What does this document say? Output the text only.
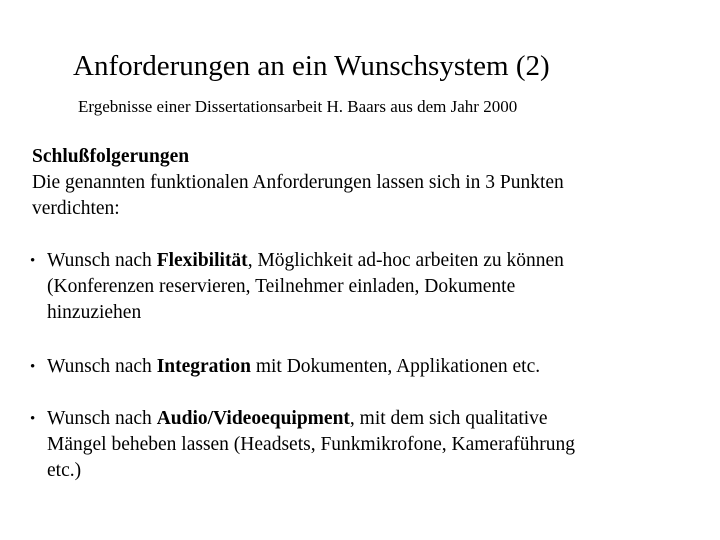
Anforderungen an ein Wunschsystem (2)
Ergebnisse einer Dissertationsarbeit H. Baars aus dem Jahr 2000
Schlußfolgerungen
Die genannten funktionalen Anforderungen lassen sich in 3 Punkten
verdichten:
• Wunsch nach Flexibilität, Möglichkeit ad-hoc arbeiten zu können
(Konferenzen reservieren, Teilnehmer einladen, Dokumente
hinzuziehen
• Wunsch nach Integration mit Dokumenten, Applikationen etc.
• Wunsch nach Audio/Videoequipment, mit dem sich qualitative
Mängel beheben lassen (Headsets, Funkmikrofone, Kameraführung
etc.)
